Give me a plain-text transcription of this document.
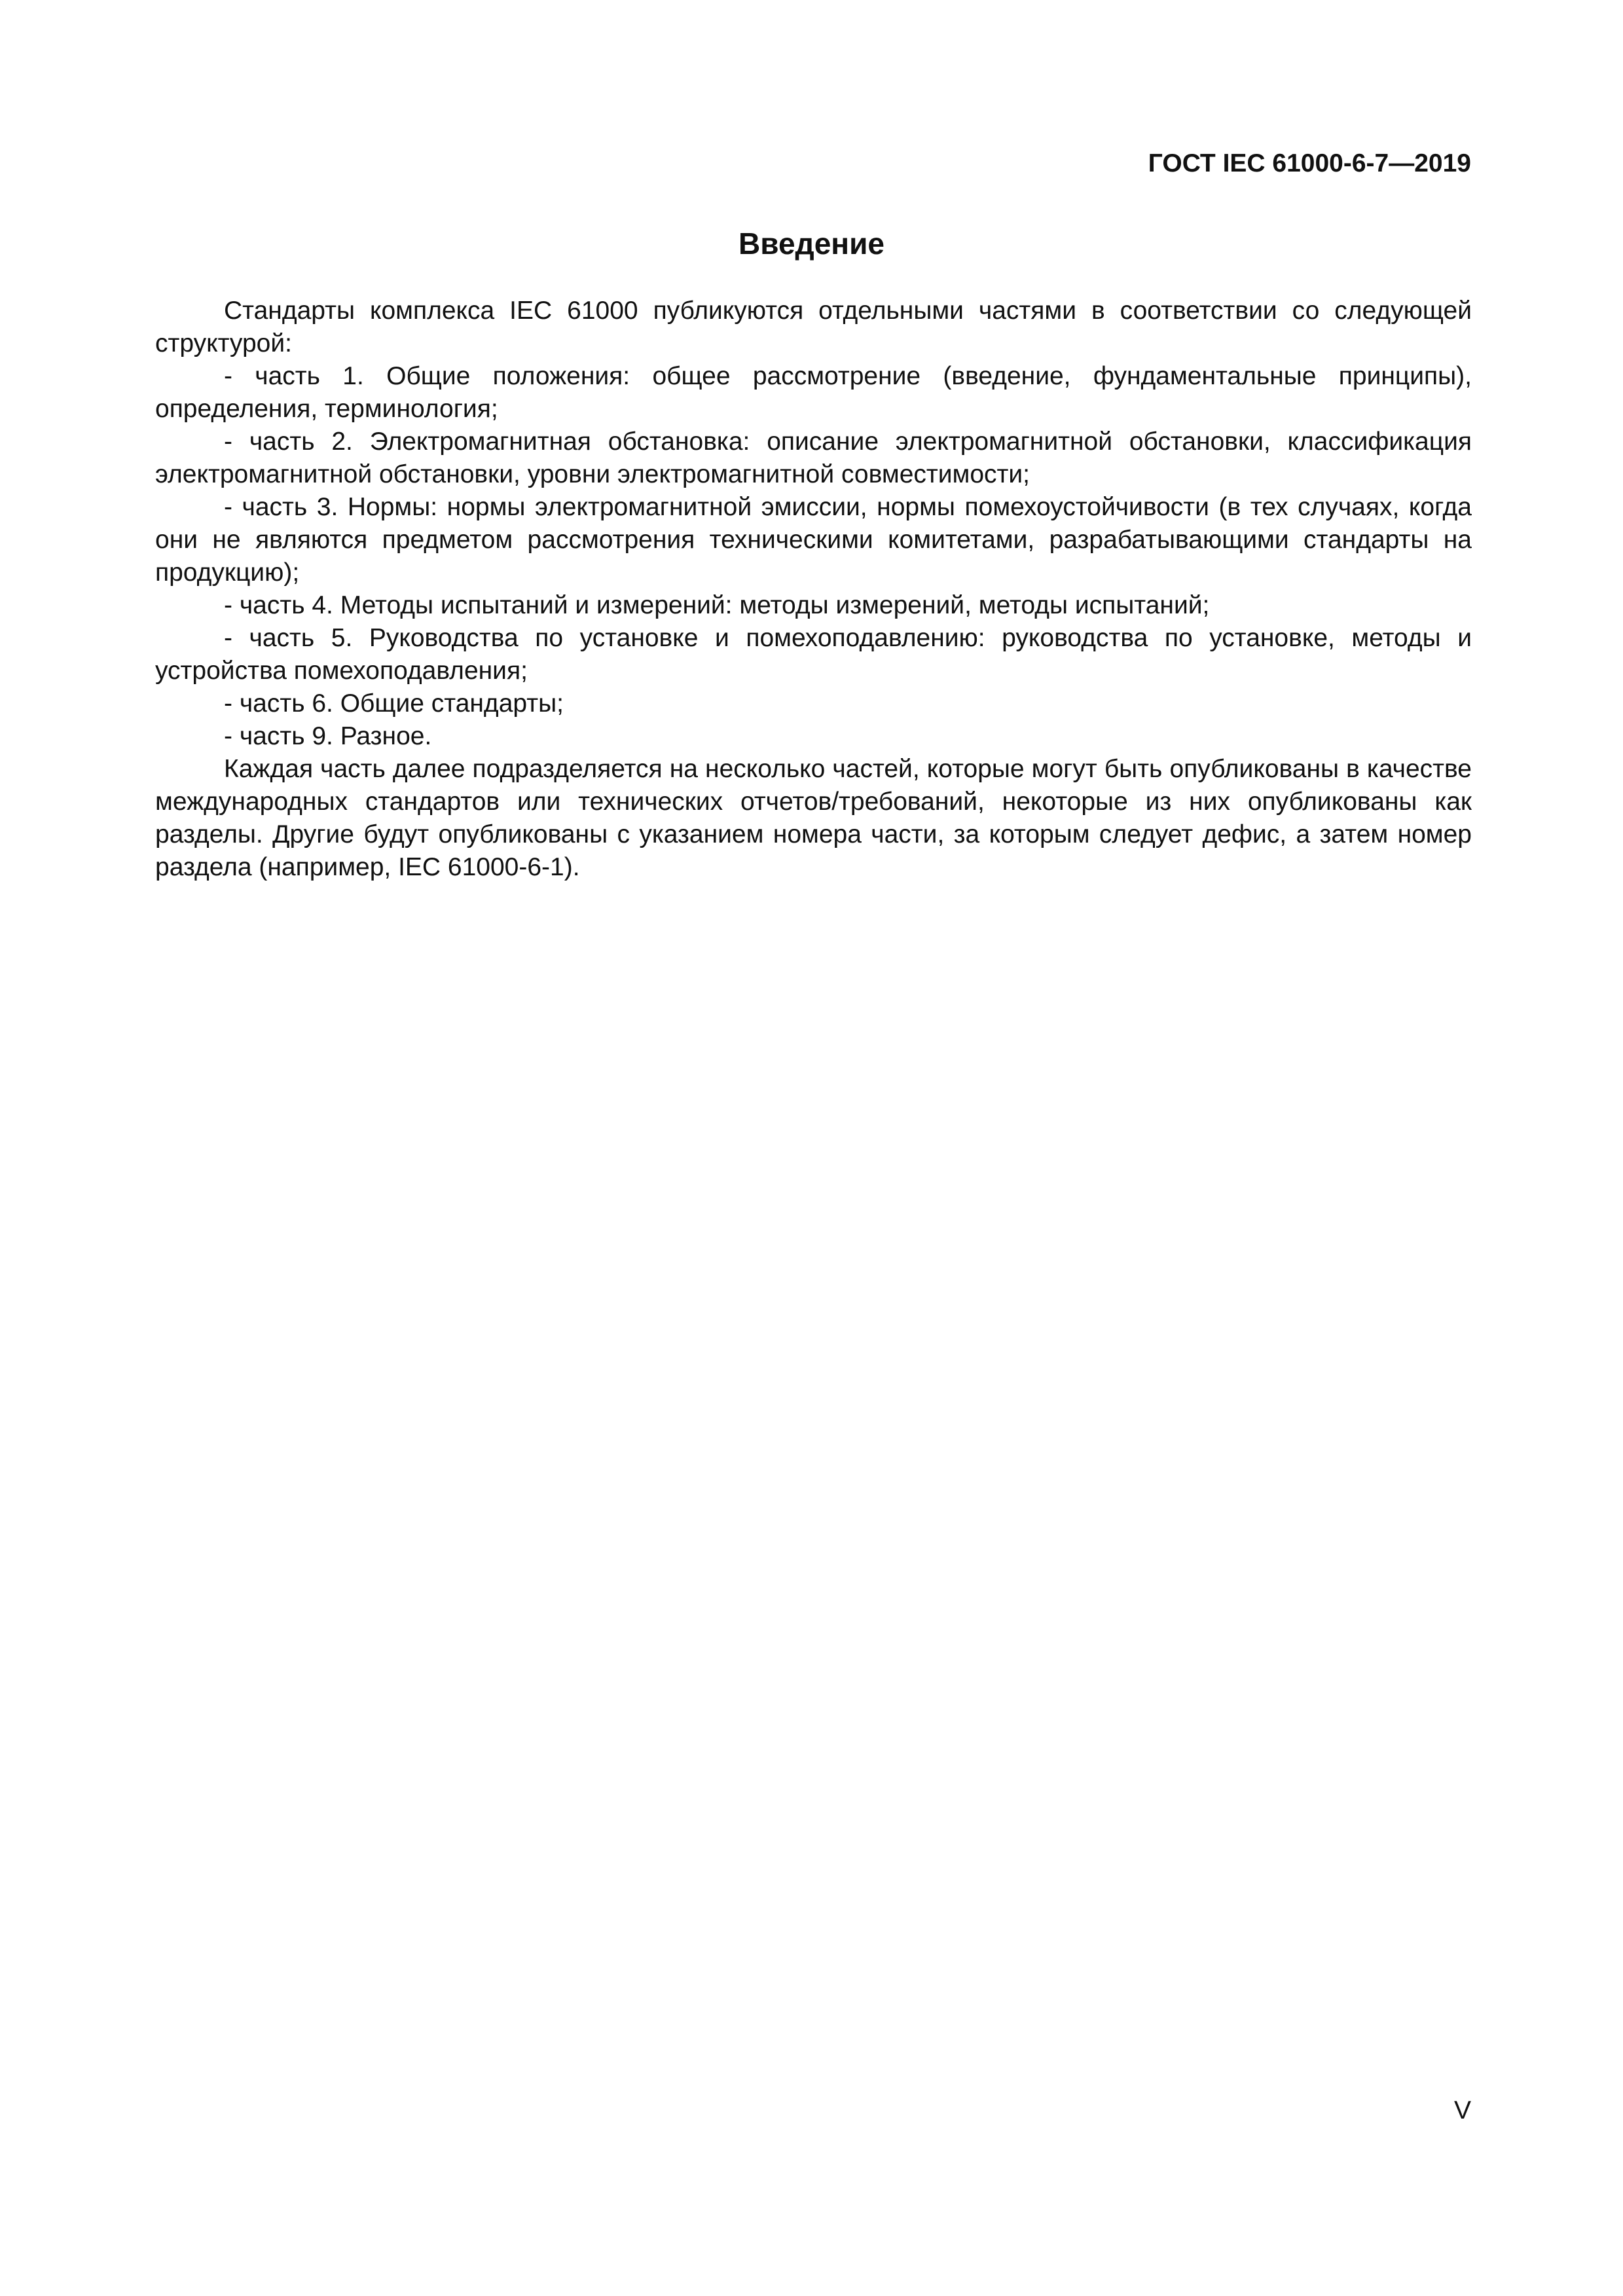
ГОСТ IEC 61000-6-7—2019
Введение

Стандарты комплекса IEC 61000 публикуются отдельными частями в соответствии со следующей структурой:

- часть 1. Общие положения: общее рассмотрение (введение, фундаментальные принципы), определения, терминология;

- часть 2. Электромагнитная обстановка: описание электромагнитной обстановки, классификация электромагнитной обстановки, уровни электромагнитной совместимости;

- часть 3. Нормы: нормы электромагнитной эмиссии, нормы помехоустойчивости (в тех случаях, когда они не являются предметом рассмотрения техническими комитетами, разрабатывающими стандарты на продукцию);

- часть 4. Методы испытаний и измерений: методы измерений, методы испытаний;

- часть 5. Руководства по установке и помехоподавлению: руководства по установке, методы и устройства помехоподавления;

- часть 6. Общие стандарты;

- часть 9. Разное.

Каждая часть далее подразделяется на несколько частей, которые могут быть опубликованы в качестве международных стандартов или технических отчетов/требований, некоторые из них опубликованы как разделы. Другие будут опубликованы с указанием номера части, за которым следует дефис, а затем номер раздела (например, IEC 61000-6-1).

V
